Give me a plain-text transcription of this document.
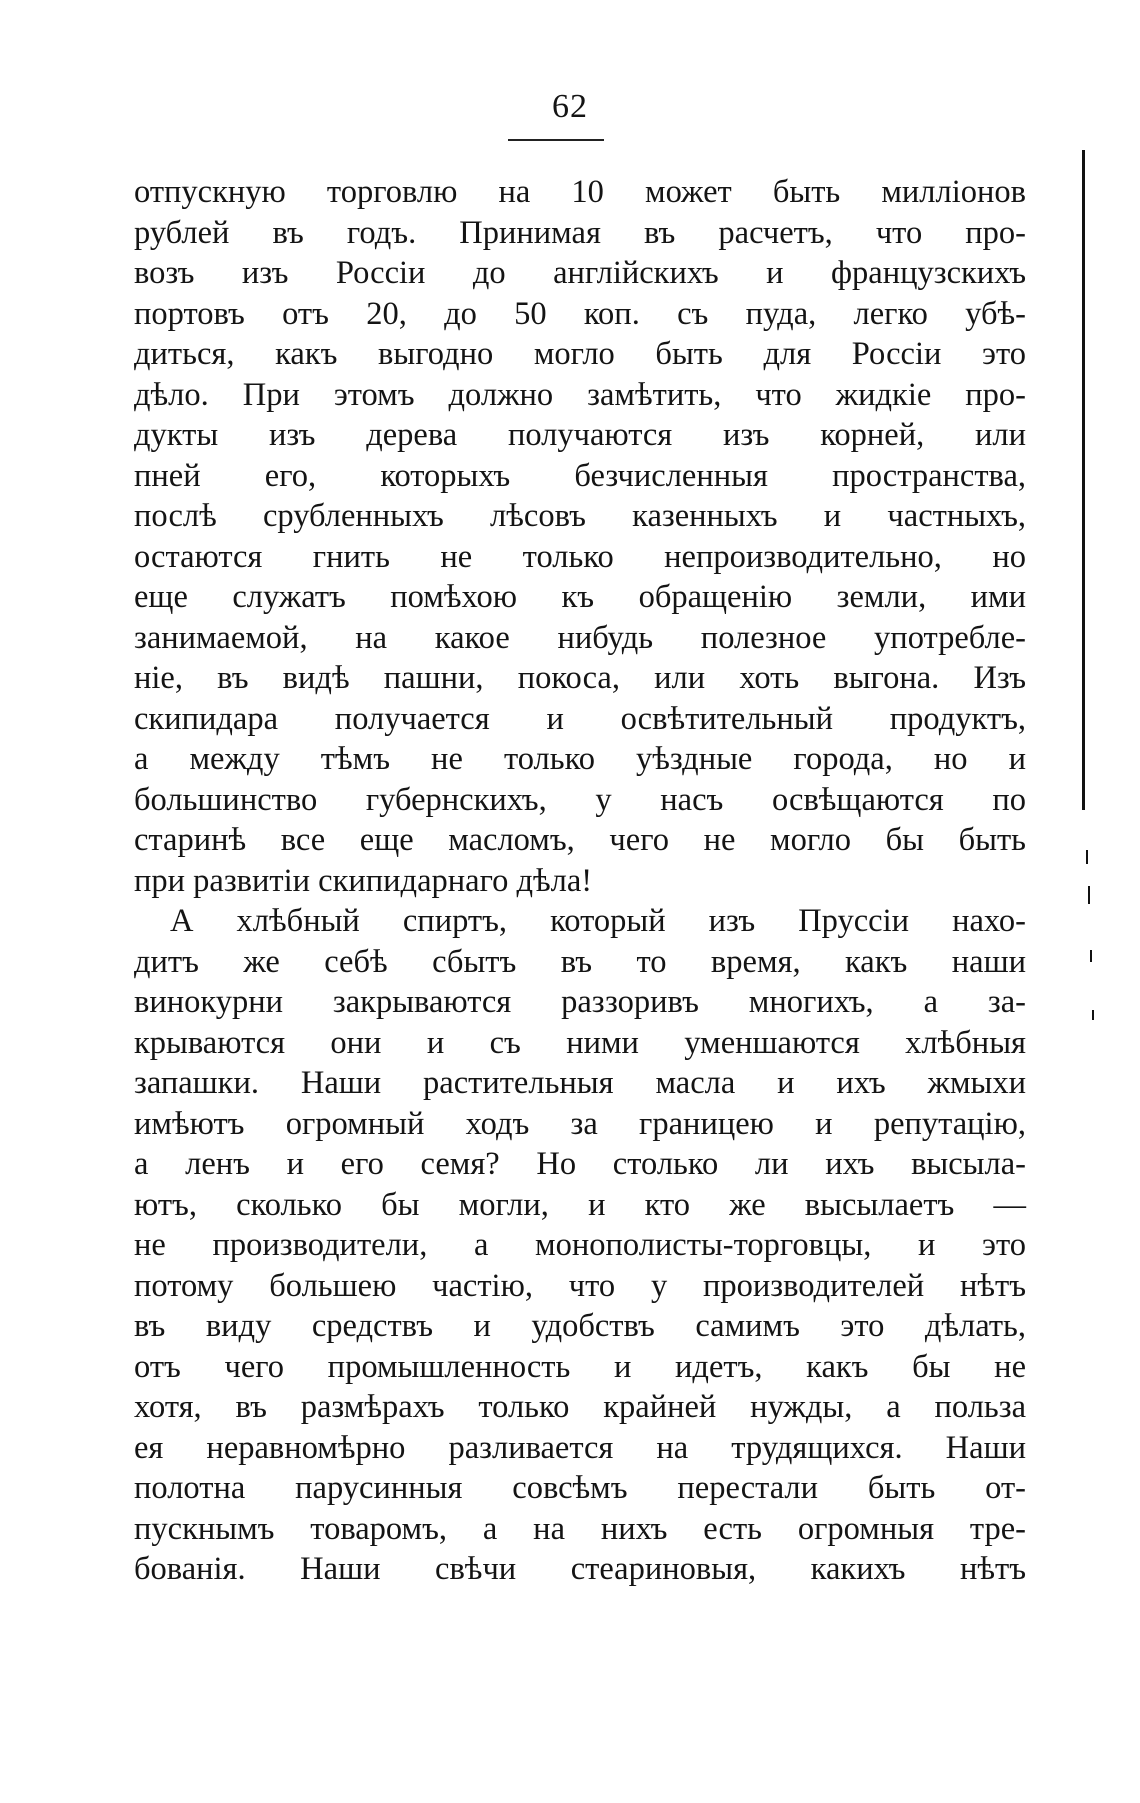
62
отпускную торговлю на 10 может быть милліонов
рублей въ годъ. Принимая въ расчетъ, что про-
возъ изъ Россіи до англійскихъ и французскихъ
портовъ отъ 20, до 50 коп. съ пуда, легко убѣ-
диться, какъ выгодно могло быть для Россіи это
дѣло. При этомъ должно замѣтить, что жидкіе про-
дукты изъ дерева получаются изъ корней, или
пней его, которыхъ безчисленныя пространства,
послѣ срубленныхъ лѣсовъ казенныхъ и частныхъ,
остаются гнить не только непроизводительно, но
еще служатъ помѣхою къ обращенію земли, ими
занимаемой, на какое нибудь полезное употребле-
ніе, въ видѣ пашни, покоса, или хоть выгона. Изъ
скипидара получается и освѣтительный продуктъ,
а между тѣмъ не только уѣздные города, но и
большинство губернскихъ, у насъ освѣщаются по
старинѣ все еще масломъ, чего не могло бы быть
при развитіи скипидарнаго дѣла!
А хлѣбный спиртъ, который изъ Пруссіи нахо-
дитъ же себѣ сбытъ въ то время, какъ наши
винокурни закрываются раззоривъ многихъ, а за-
крываются они и съ ними уменшаются хлѣбныя
запашки. Наши растительныя масла и ихъ жмыхи
имѣютъ огромный ходъ за границею и репутацію,
а ленъ и его семя? Но столько ли ихъ высыла-
ютъ, сколько бы могли, и кто же высылаетъ —
не производители, а монополисты-торговцы, и это
потому большею частію, что у производителей нѣтъ
въ виду средствъ и удобствъ самимъ это дѣлать,
отъ чего промышленность и идетъ, какъ бы не
хотя, въ размѣрахъ только крайней нужды, а польза
ея неравномѣрно разливается на трудящихся. Наши
полотна парусинныя совсѣмъ перестали быть от-
пускнымъ товаромъ, а на нихъ есть огромныя тре-
бованія. Наши свѣчи стеариновыя, какихъ нѣтъ
